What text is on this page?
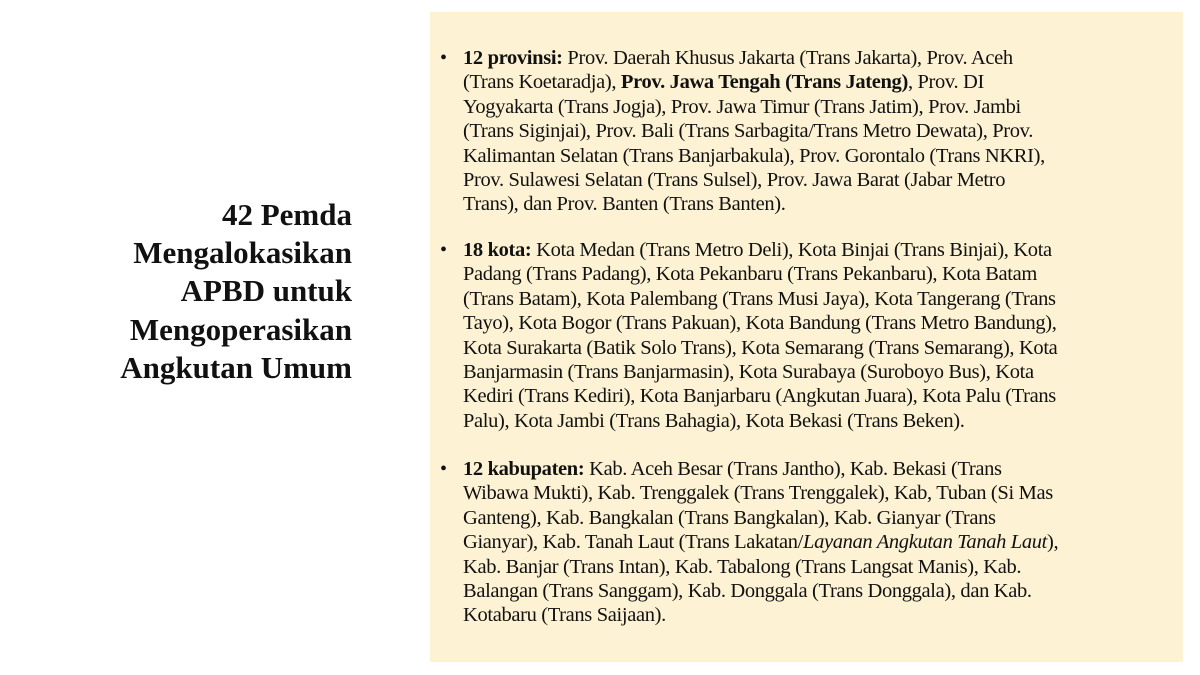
42 Pemda
Mengalokasikan
APBD untuk
Mengoperasikan
Angkutan Umum
• 12 provinsi: Prov. Daerah Khusus Jakarta (Trans Jakarta), Prov. Aceh
(Trans Koetaradja), Prov. Jawa Tengah (Trans Jateng), Prov. DI
Yogyakarta (Trans Jogja), Prov. Jawa Timur (Trans Jatim), Prov. Jambi
(Trans Siginjai), Prov. Bali (Trans Sarbagita/Trans Metro Dewata), Prov.
Kalimantan Selatan (Trans Banjarbakula), Prov. Gorontalo (Trans NKRI),
Prov. Sulawesi Selatan (Trans Sulsel), Prov. Jawa Barat (Jabar Metro
Trans), dan Prov. Banten (Trans Banten).
• 18 kota: Kota Medan (Trans Metro Deli), Kota Binjai (Trans Binjai), Kota
Padang (Trans Padang), Kota Pekanbaru (Trans Pekanbaru), Kota Batam
(Trans Batam), Kota Palembang (Trans Musi Jaya), Kota Tangerang (Trans
Tayo), Kota Bogor (Trans Pakuan), Kota Bandung (Trans Metro Bandung),
Kota Surakarta (Batik Solo Trans), Kota Semarang (Trans Semarang), Kota
Banjarmasin (Trans Banjarmasin), Kota Surabaya (Suroboyo Bus), Kota
Kediri (Trans Kediri), Kota Banjarbaru (Angkutan Juara), Kota Palu (Trans
Palu), Kota Jambi (Trans Bahagia), Kota Bekasi (Trans Beken).
• 12 kabupaten: Kab. Aceh Besar (Trans Jantho), Kab. Bekasi (Trans
Wibawa Mukti), Kab. Trenggalek (Trans Trenggalek), Kab, Tuban (Si Mas
Ganteng), Kab. Bangkalan (Trans Bangkalan), Kab. Gianyar (Trans
Gianyar), Kab. Tanah Laut (Trans Lakatan/Layanan Angkutan Tanah Laut),
Kab. Banjar (Trans Intan), Kab. Tabalong (Trans Langsat Manis), Kab.
Balangan (Trans Sanggam), Kab. Donggala (Trans Donggala), dan Kab.
Kotabaru (Trans Saijaan).
